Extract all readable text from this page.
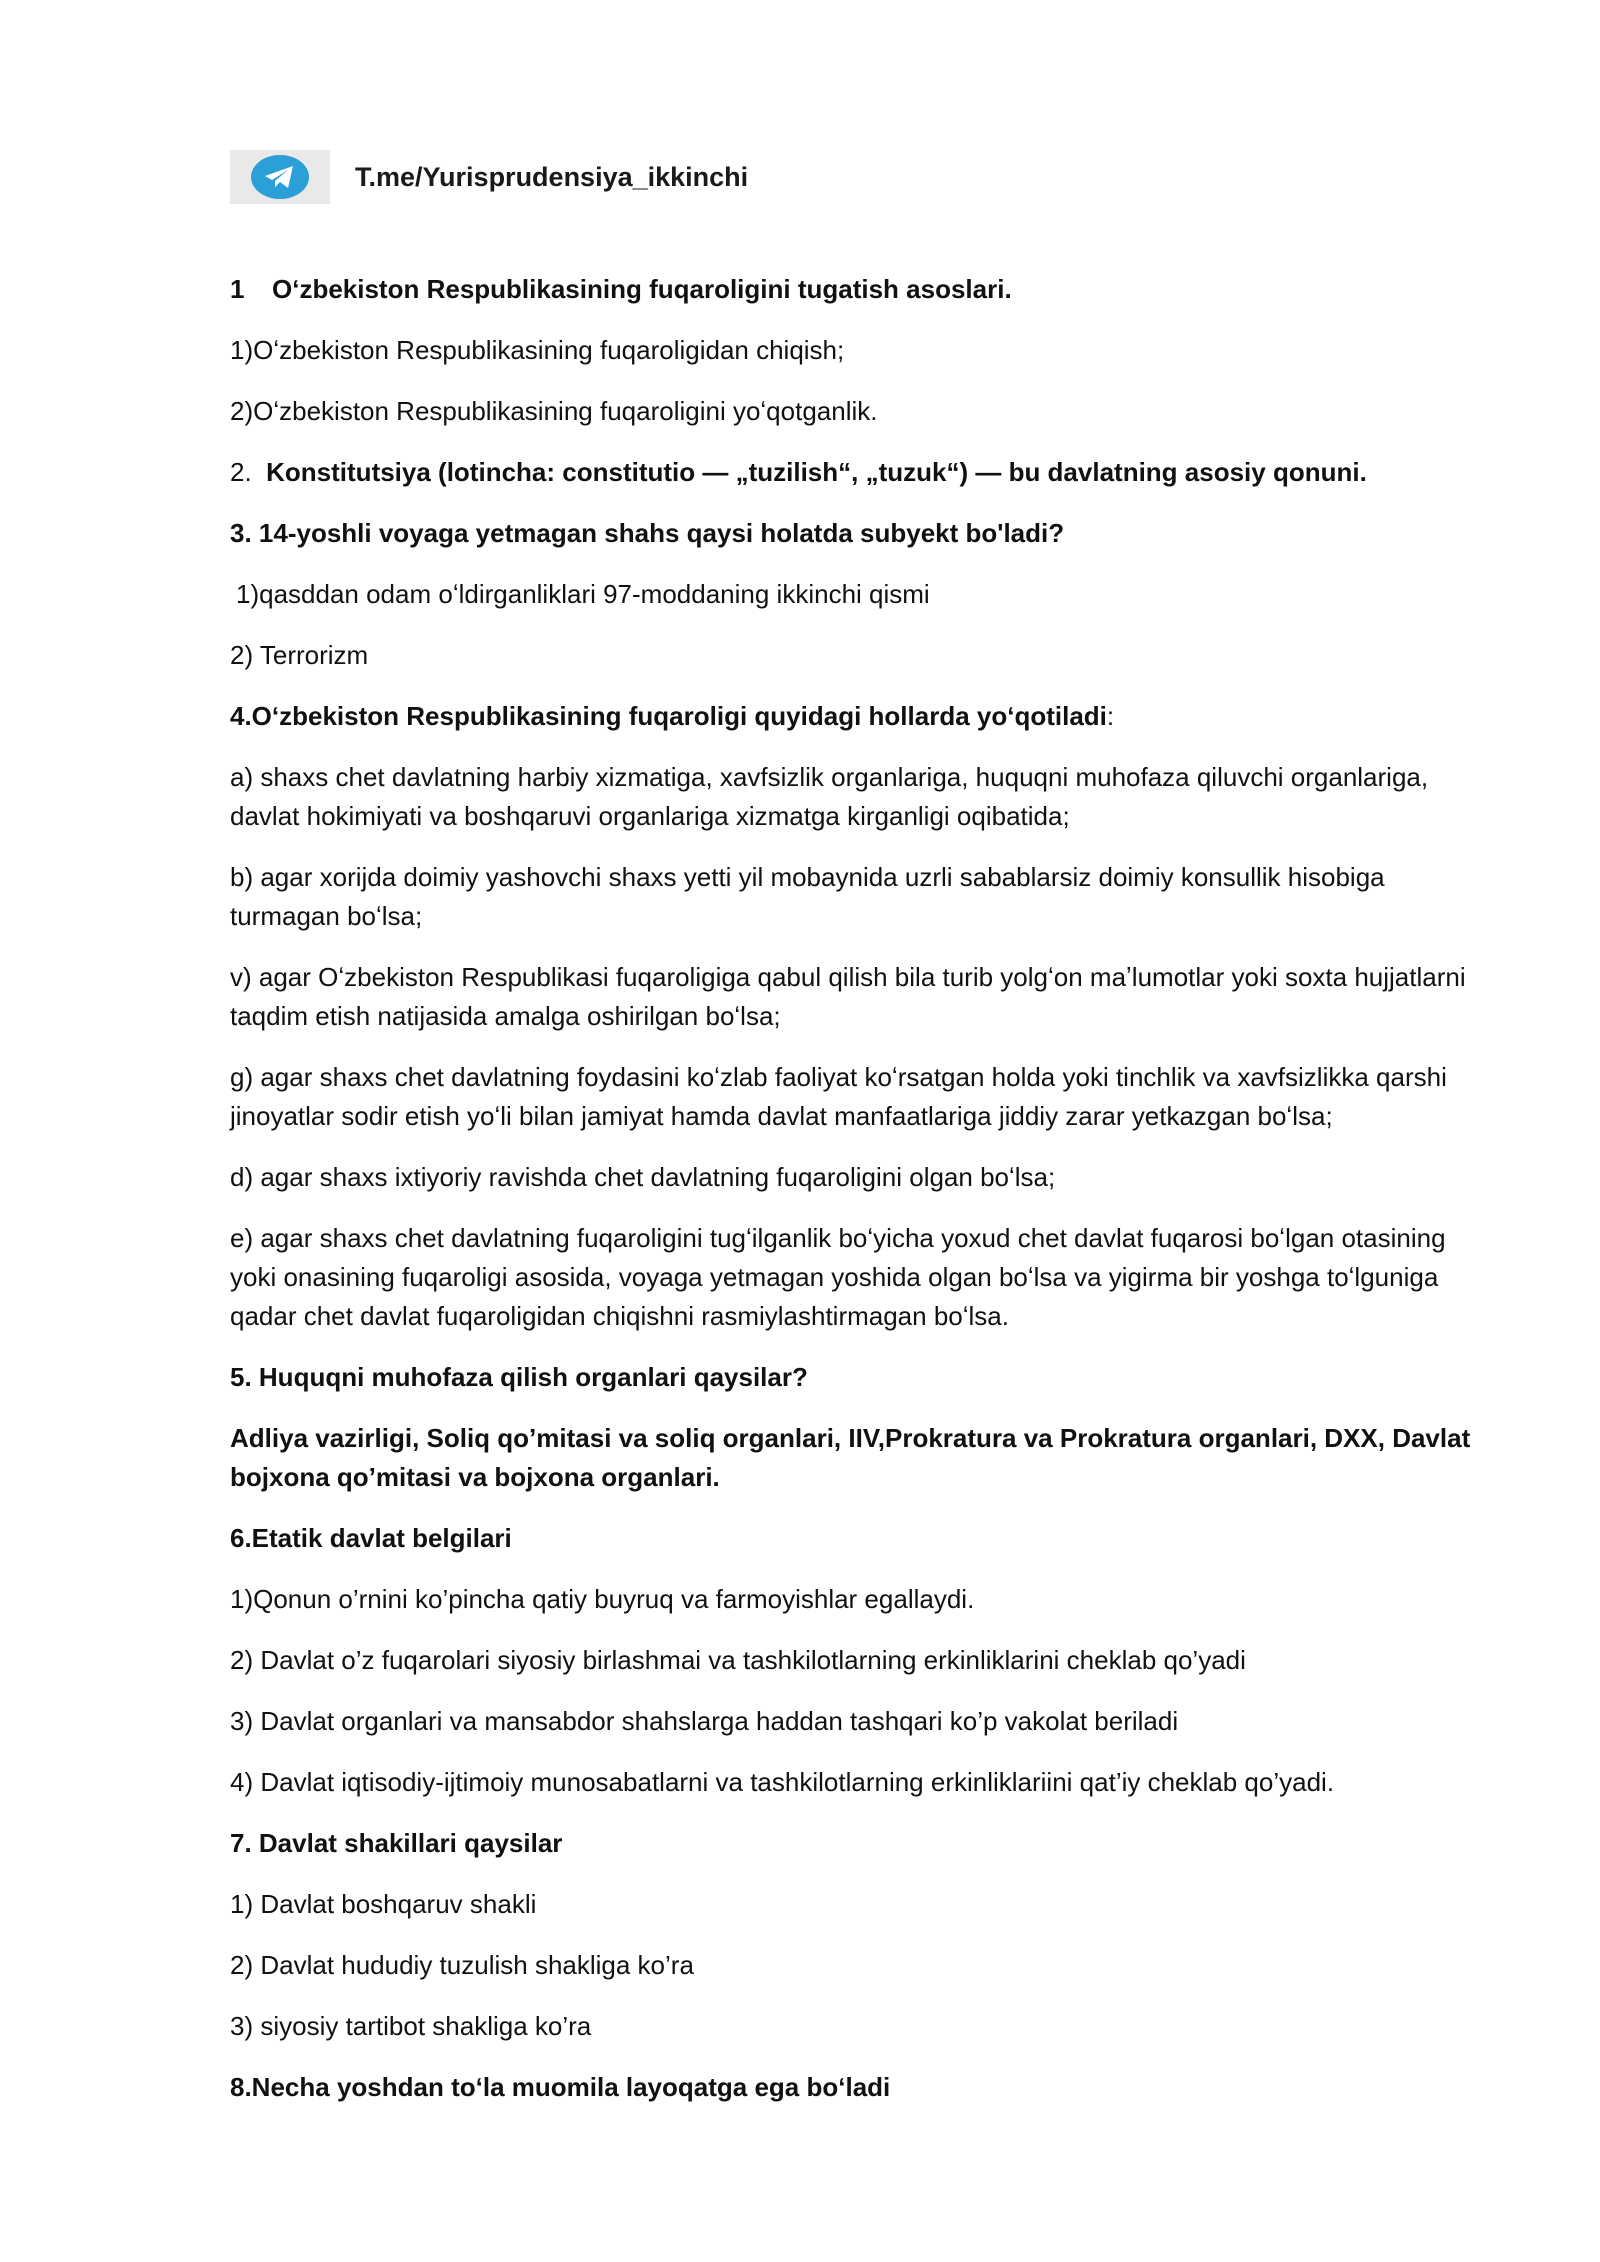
T.me/Yurisprudensiya_ikkinchi

1 Oʻzbekiston Respublikasining fuqaroligini tugatish asoslari.

1)Oʻzbekiston Respublikasining fuqaroligidan chiqish;

2)Oʻzbekiston Respublikasining fuqaroligini yoʻqotganlik.

2. Konstitutsiya (lotincha: constitutio — „tuzilish“, „tuzuk“) — bu davlatning asosiy qonuni.

3. 14-yoshli voyaga yetmagan shahs qaysi holatda subyekt bo'ladi?

1)qasddan odam oʻldirganliklari 97-moddaning ikkinchi qismi

2) Terrorizm

4.Oʻzbekiston Respublikasining fuqaroligi quyidagi hollarda yoʻqotiladi:

a) shaxs chet davlatning harbiy xizmatiga, xavfsizlik organlariga, huquqni muhofaza qiluvchi organlariga, davlat hokimiyati va boshqaruvi organlariga xizmatga kirganligi oqibatida;

b) agar xorijda doimiy yashovchi shaxs yetti yil mobaynida uzrli sabablarsiz doimiy konsullik hisobiga turmagan boʻlsa;

v) agar Oʻzbekiston Respublikasi fuqaroligiga qabul qilish bila turib yolgʻon maʼlumotlar yoki soxta hujjatlarni taqdim etish natijasida amalga oshirilgan boʻlsa;

g) agar shaxs chet davlatning foydasini koʻzlab faoliyat koʻrsatgan holda yoki tinchlik va xavfsizlikka qarshi jinoyatlar sodir etish yoʻli bilan jamiyat hamda davlat manfaatlariga jiddiy zarar yetkazgan boʻlsa;

d) agar shaxs ixtiyoriy ravishda chet davlatning fuqaroligini olgan boʻlsa;

e) agar shaxs chet davlatning fuqaroligini tugʻilganlik boʻyicha yoxud chet davlat fuqarosi boʻlgan otasining yoki onasining fuqaroligi asosida, voyaga yetmagan yoshida olgan boʻlsa va yigirma bir yoshga toʻlguniga qadar chet davlat fuqaroligidan chiqishni rasmiylashtirmagan boʻlsa.

5. Huquqni muhofaza qilish organlari qaysilar?

Adliya vazirligi, Soliq qo’mitasi va soliq organlari, IIV,Prokratura va Prokratura organlari, DXX, Davlat bojxona qo’mitasi va bojxona organlari.

6.Etatik davlat belgilari

1)Qonun o’rnini ko’pincha qatiy buyruq va farmoyishlar egallaydi.

2) Davlat o’z fuqarolari siyosiy birlashmai va tashkilotlarning erkinliklarini cheklab qo’yadi

3) Davlat organlari va mansabdor shahslarga haddan tashqari ko’p vakolat beriladi

4) Davlat iqtisodiy-ijtimoiy munosabatlarni va tashkilotlarning erkinliklariini qat’iy cheklab qo’yadi.

7. Davlat shakillari qaysilar

1) Davlat boshqaruv shakli

2) Davlat hududiy tuzulish shakliga ko’ra

3) siyosiy tartibot shakliga ko’ra

8.Necha yoshdan toʻla muomila layoqatga ega boʻladi
